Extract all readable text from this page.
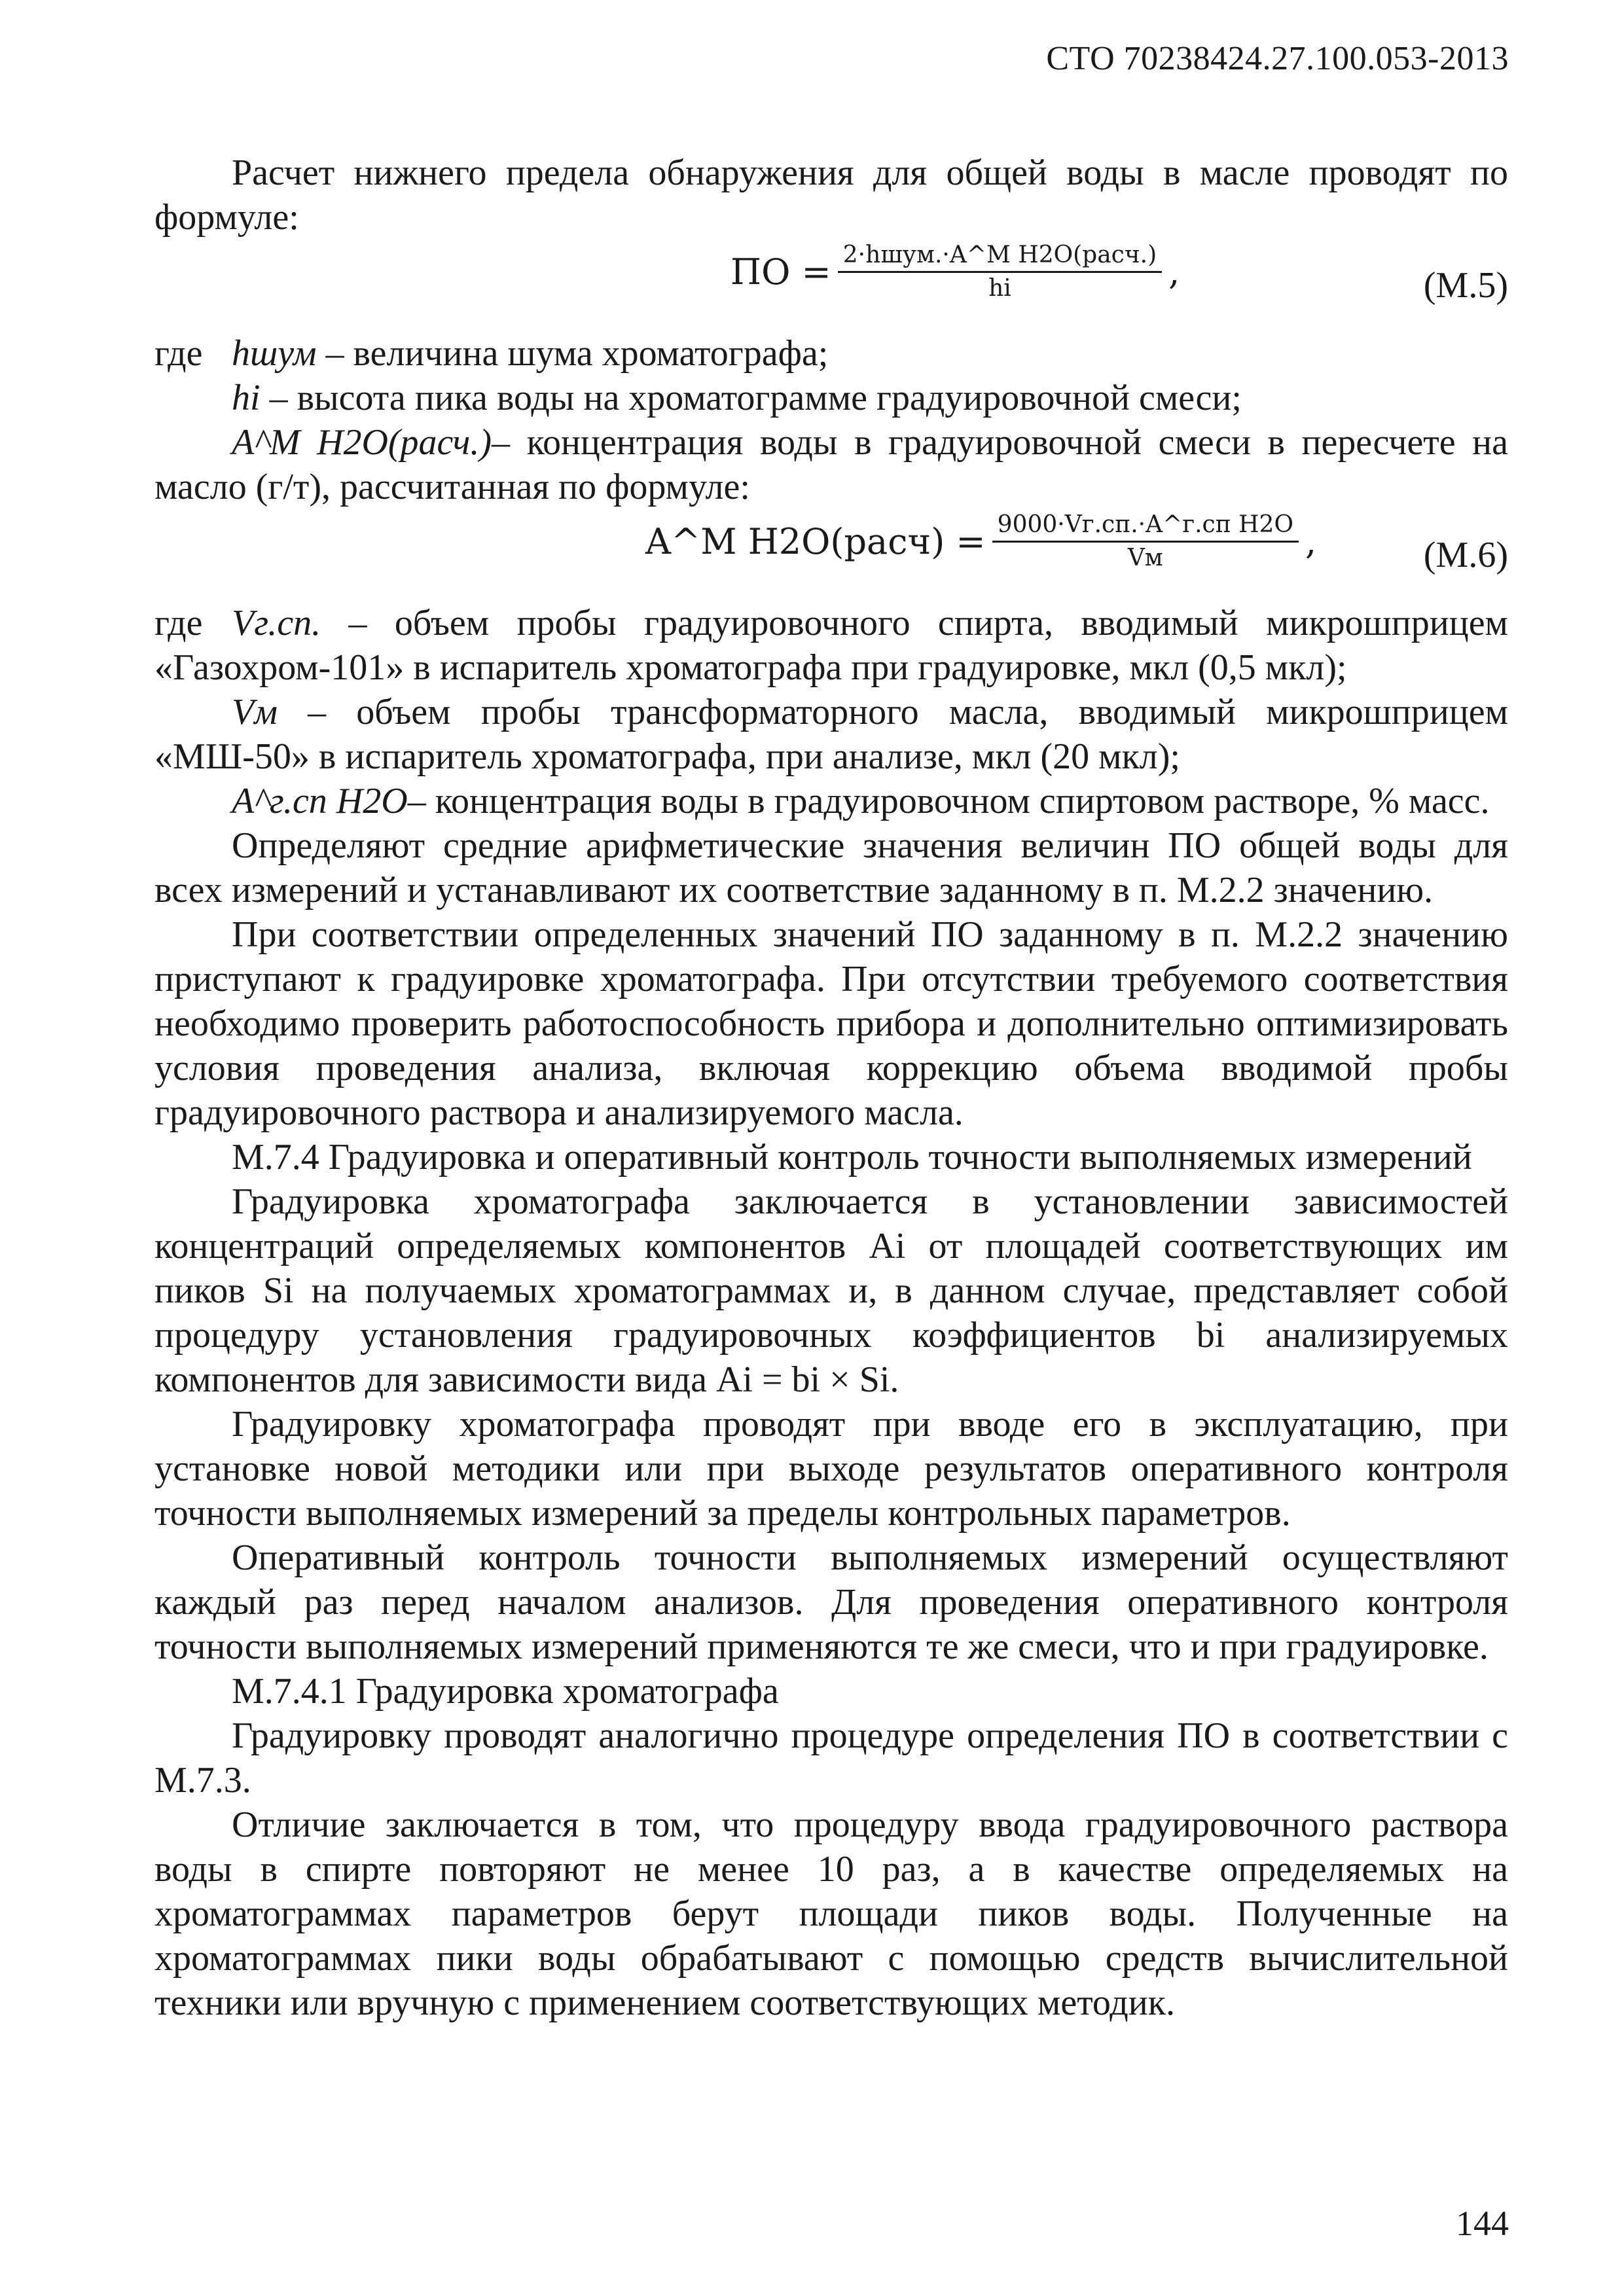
СТО 70238424.27.100.053-2013

Расчет нижнего предела обнаружения для общей воды в масле проводят по формуле:

ПО = $\frac{\text{2·hшум.·A\textasciicircum{}M H2O(расч.)}}{hi}$ ,	(М.5)

где hшум – величина шума хроматографа;

hi – высота пика воды на хроматограмме градуировочной смеси;

A^M H2O(расч.)– концентрация воды в градуировочной смеси в пересчете на масло (г/т), рассчитанная по формуле:

A^M H2O(расч) = $\frac{\text{9000·Vг.сп.·A\textasciicircum{}г.сп H2O}}{Vм}$ ,	(М.6)

где Vг.сп. – объем пробы градуировочного спирта, вводимый микрошприцем «Газохром-101» в испаритель хроматографа при градуировке, мкл (0,5 мкл);

Vм – объем пробы трансформаторного масла, вводимый микрошприцем «МШ-50» в испаритель хроматографа, при анализе, мкл (20 мкл);

A^г.сп H2O– концентрация воды в градуировочном спиртовом растворе, % масс.

Определяют средние арифметические значения величин ПО общей воды для всех измерений и устанавливают их соответствие заданному в п. М.2.2 значению.

При соответствии определенных значений ПО заданному в п. М.2.2 значению приступают к градуировке хроматографа. При отсутствии требуемого соответствия необходимо проверить работоспособность прибора и дополнительно оптимизировать условия проведения анализа, включая коррекцию объема вводимой пробы градуировочного раствора и анализируемого масла.

М.7.4 Градуировка и оперативный контроль точности выполняемых измерений

Градуировка хроматографа заключается в установлении зависимостей концентраций определяемых компонентов Ai от площадей соответствующих им пиков Si на получаемых хроматограммах и, в данном случае, представляет собой процедуру установления градуировочных коэффициентов bi анализируемых компонентов для зависимости вида Ai = bi × Si.

Градуировку хроматографа проводят при вводе его в эксплуатацию, при установке новой методики или при выходе результатов оперативного контроля точности выполняемых измерений за пределы контрольных параметров.

Оперативный контроль точности выполняемых измерений осуществляют каждый раз перед началом анализов. Для проведения оперативного контроля точности выполняемых измерений применяются те же смеси, что и при градуировке.

М.7.4.1 Градуировка хроматографа

Градуировку проводят аналогично процедуре определения ПО в соответствии с М.7.3.

Отличие заключается в том, что процедуру ввода градуировочного раствора воды в спирте повторяют не менее 10 раз, а в качестве определяемых на хроматограммах параметров берут площади пиков воды. Полученные на хроматограммах пики воды обрабатывают с помощью средств вычислительной техники или вручную с применением соответствующих методик.

144
